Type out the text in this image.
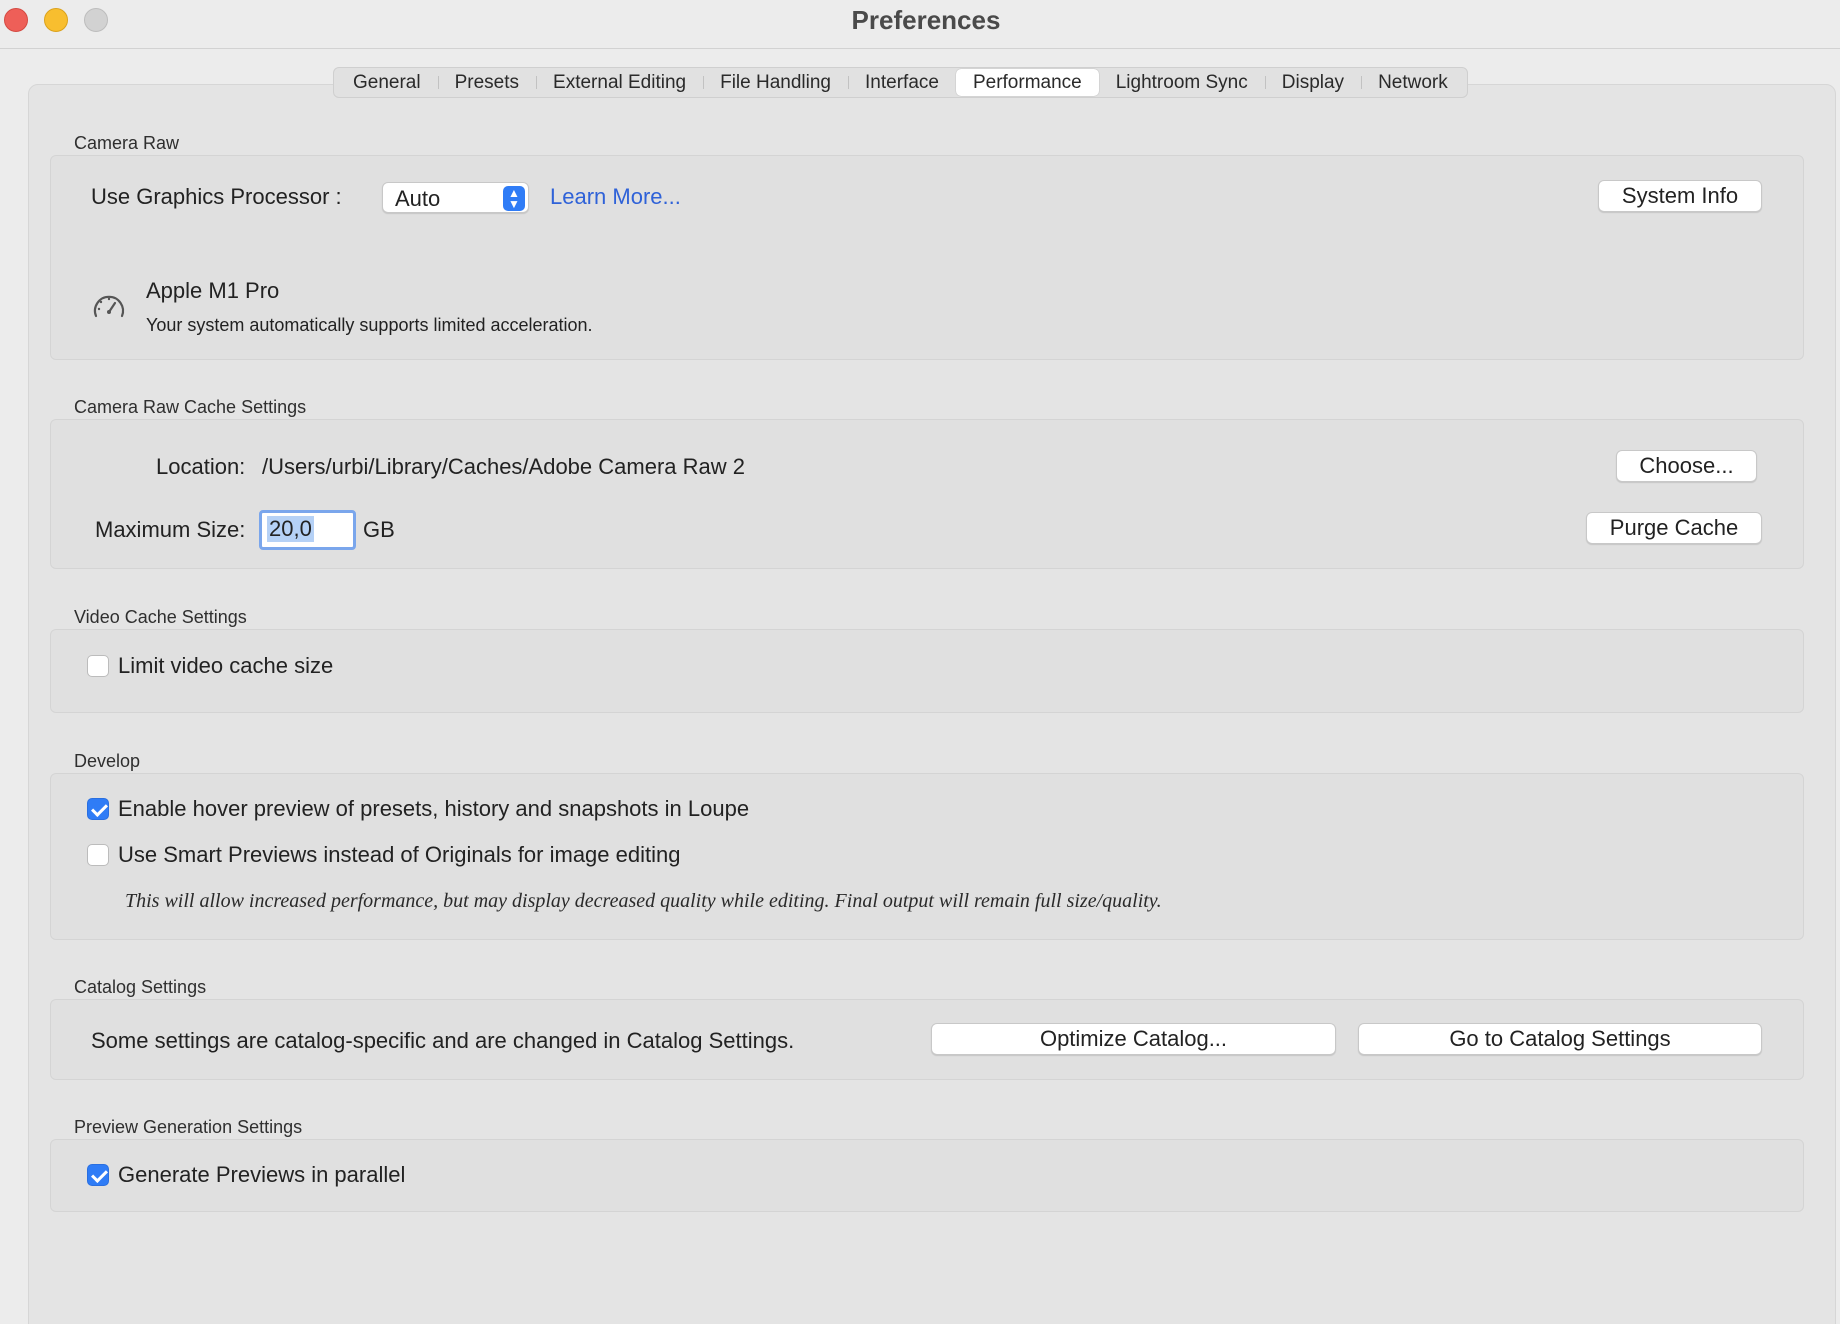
Preferences
General	Presets	External Editing	File Handling	Interface	Performance	Lightroom Sync	Display	Network
Camera Raw
Use Graphics Processor : Auto	▲
▼ Learn More...	System Info
Apple M1 Pro
Your system automatically supports limited acceleration.
Camera Raw Cache Settings
Location: /Users/urbi/Library/Caches/Adobe Camera Raw 2	Choose...
Maximum Size: 20,0 GB	Purge Cache
Video Cache Settings
Limit video cache size
Develop
Enable hover preview of presets, history and snapshots in Loupe
Use Smart Previews instead of Originals for image editing
This will allow increased performance, but may display decreased quality while editing. Final output will remain full size/quality.
Catalog Settings
Some settings are catalog-specific and are changed in Catalog Settings.	Optimize Catalog...	Go to Catalog Settings
Preview Generation Settings
Generate Previews in parallel
